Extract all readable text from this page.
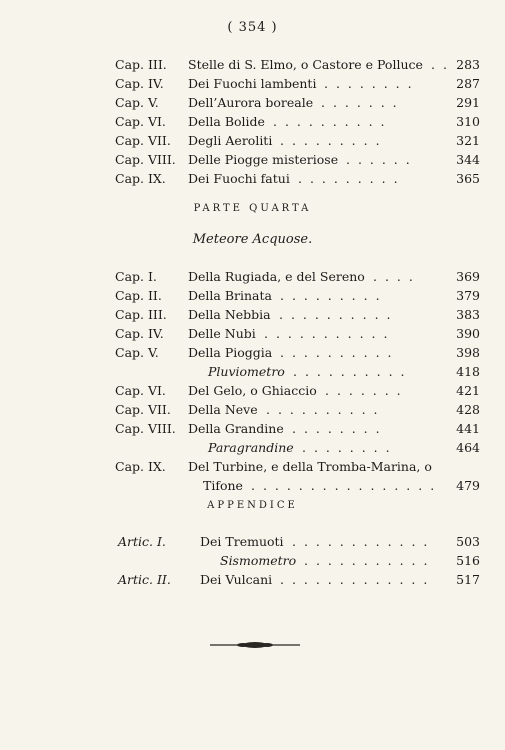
( 354 )
Cap. III. Stelle di S. Elmo, o Castore e Polluce . . 283
Cap. IV. Dei Fuochi lambenti . . . . . . . .	287
Cap. V. Dell’Aurora boreale . . . . . . .	291
Cap. VI. Della Bolide . . . . . . . . . .	310
Cap. VII. Degli Aeroliti . . . . . . . . .	321
Cap. VIII. Delle Piogge misteriose . . . . . .	344
Cap. IX. Dei Fuochi fatui . . . . . . . . .	365
Cap. I. Della Rugiada, e del Sereno . . . .	369
Cap. II. Della Brinata . . . . . . . . .	379
Cap. III. Della Nebbia . . . . . . . . . .	383
Cap. IV. Delle Nubi . . . . . . . . . . .	390
Cap. V. Della Pioggia . . . . . . . . . .	398
Pluviometro . . . . . . . . . .	418
Cap. VI. Del Gelo, o Ghiaccio . . . . . . .	421
Cap. VII. Della Neve . . . . . . . . . .	428
Cap. VIII. Della Grandine . . . . . . . .	441
Paragrandine . . . . . . . .	464
Cap. IX. Del Turbine, e della Tromba-Marina, o
Tifone . . . . . . . . . . . . . . . .	479
Artic. I.	Dei Tremuoti . . . . . . . . . . . .	503
Sismometro . . . . . . . . . . .	516
Artic. II. Dei Vulcani . . . . . . . . . . . . .	517
PARTE QUARTA
Meteore Acquose.
APPENDICE
